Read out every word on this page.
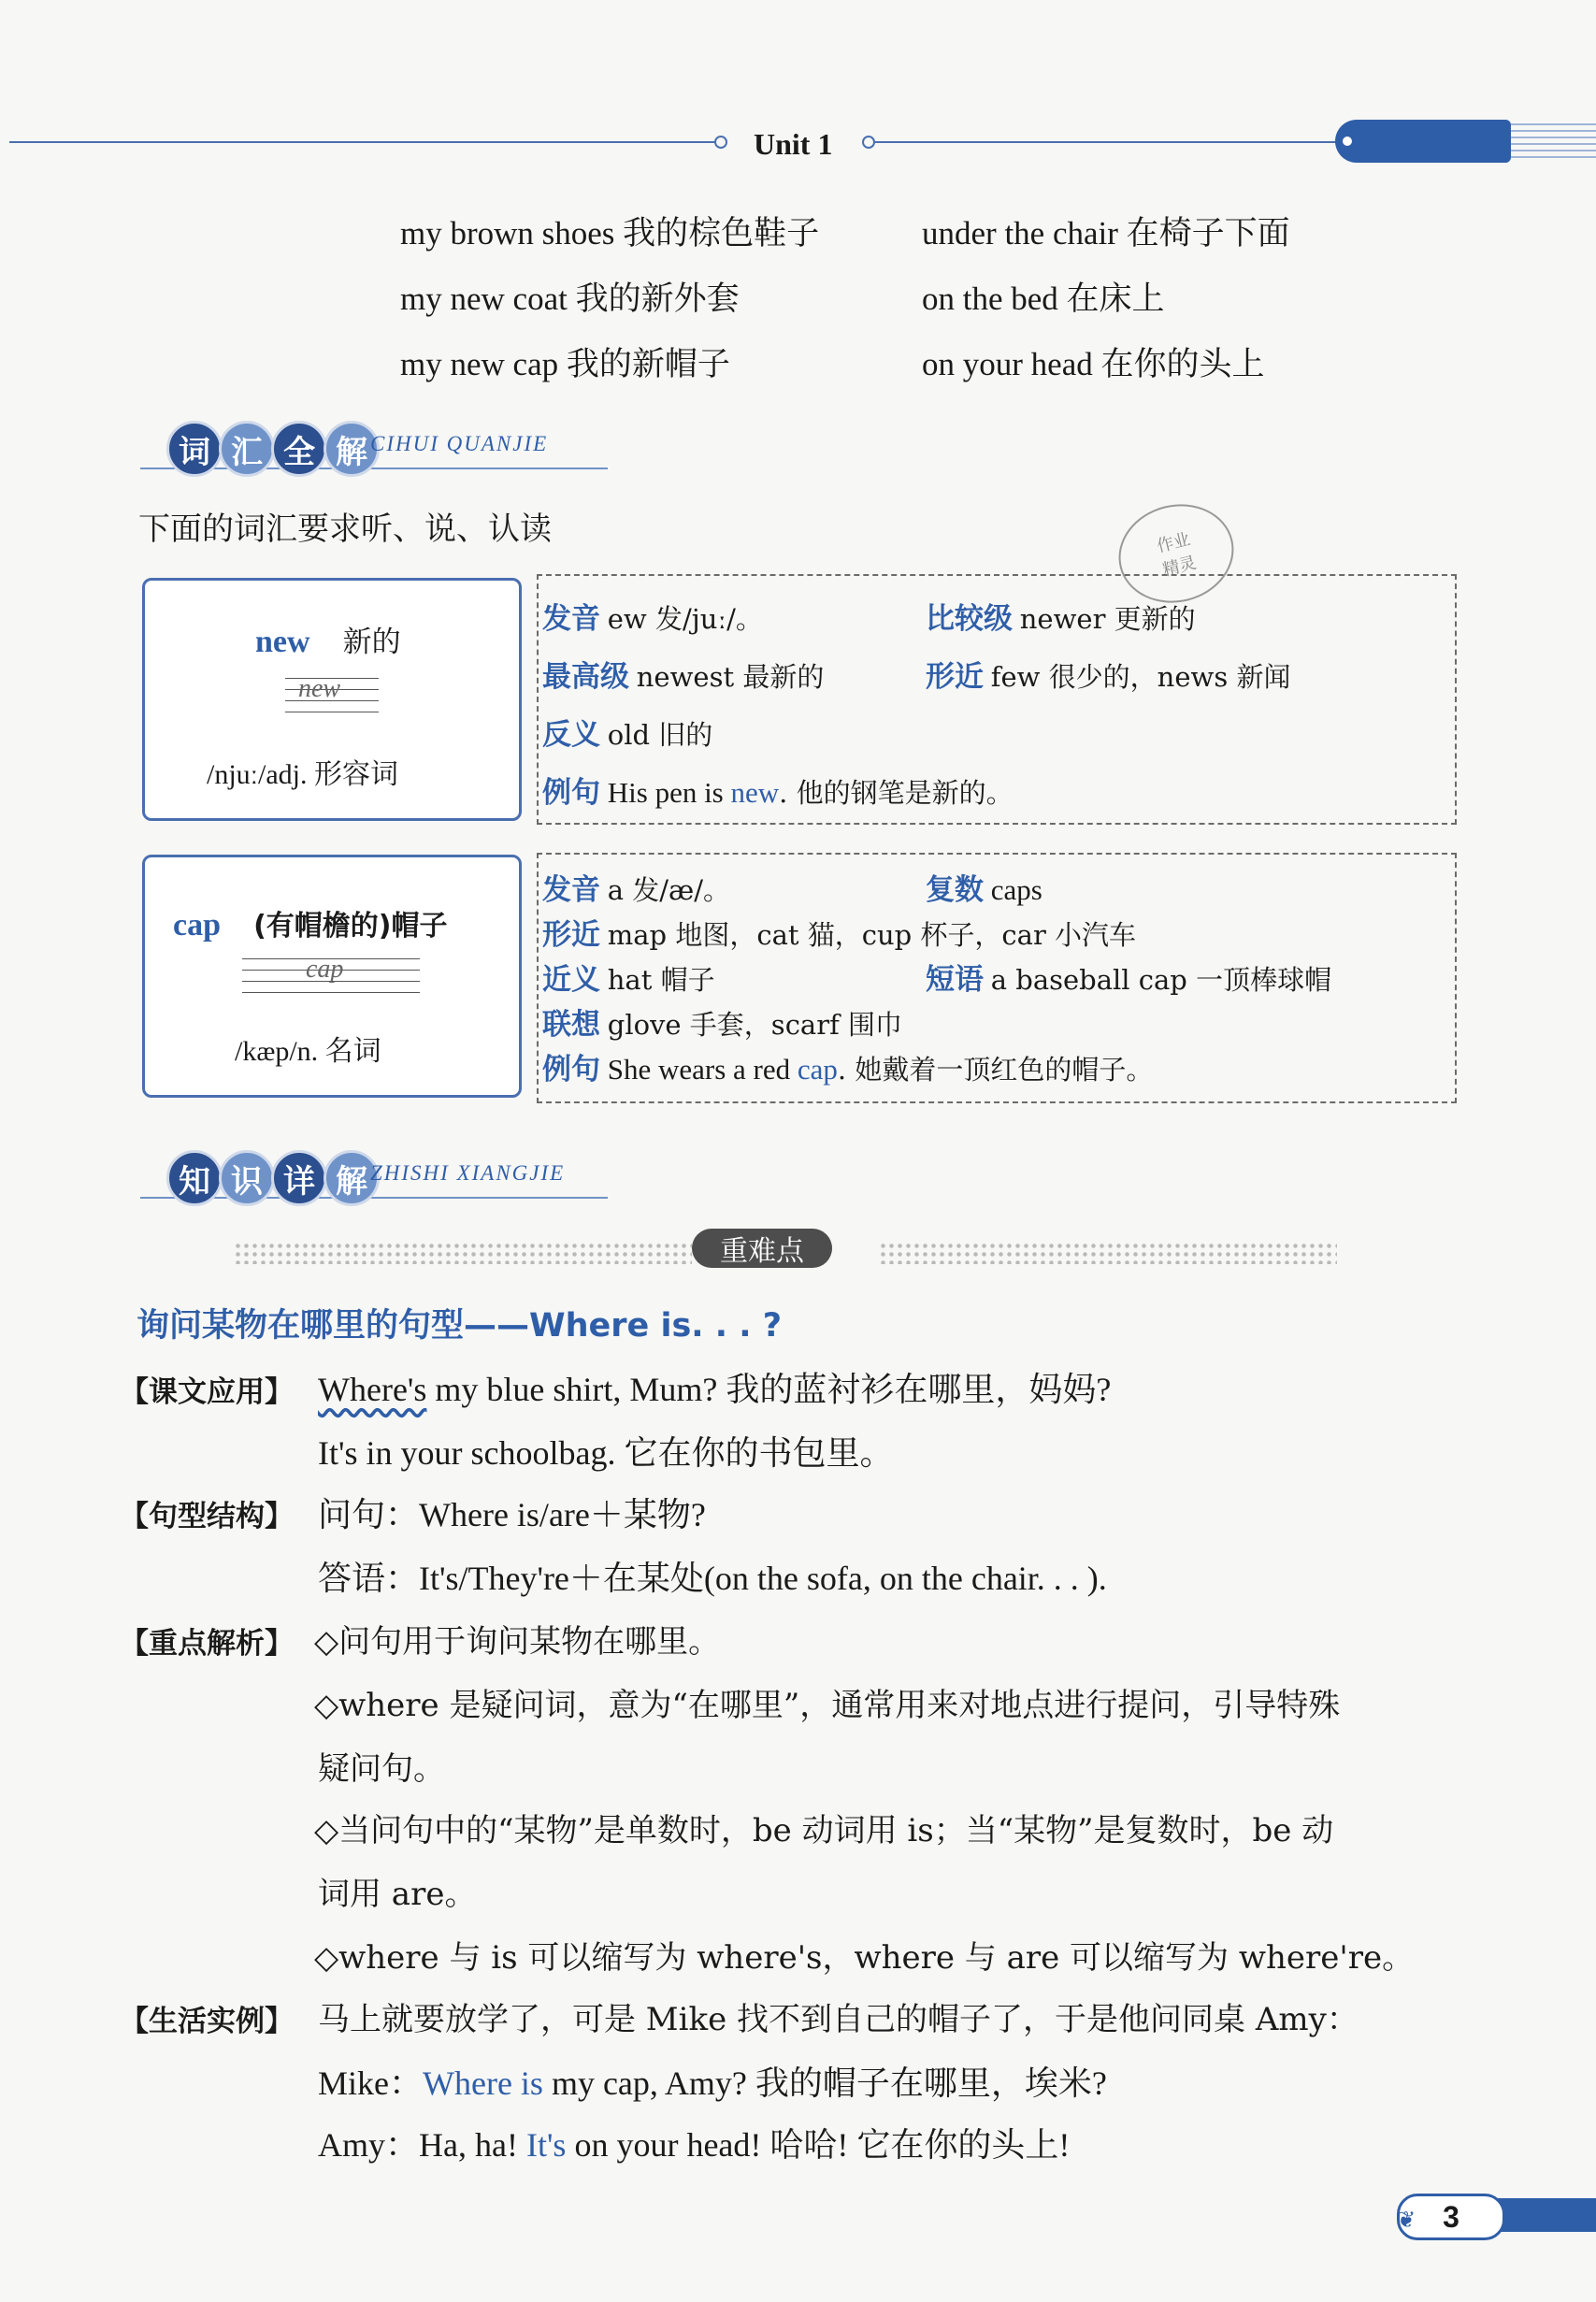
Unit 1
my brown shoes 我的棕色鞋子	under the chair 在椅子下面
my new coat 我的新外套	on the bed 在床上
my new cap 我的新帽子	on your head 在你的头上
词 汇 全 解 CIHUI QUANJIE
下面的词汇要求听、说、认读	作业
精灵
new 新的
new
/njuː/adj. 形容词
发音 ew 发/juː/。	比较级 newer 更新的
最高级 newest 最新的	形近 few 很少的，news 新闻
反义 old 旧的
例句 His pen is new. 他的钢笔是新的。
cap (有帽檐的)帽子
cap
/kæp/n. 名词
发音 a 发/æ/。	复数 caps
形近 map 地图，cat 猫，cup 杯子，car 小汽车
近义 hat 帽子	短语 a baseball cap 一顶棒球帽
联想 glove 手套，scarf 围巾
例句 She wears a red cap. 她戴着一顶红色的帽子。
知 识 详 解 ZHISHI XIANGJIE
重难点
询问某物在哪里的句型——Where is. . . ?
【课文应用】 Where's my blue shirt, Mum? 我的蓝衬衫在哪里，妈妈?
It's in your schoolbag. 它在你的书包里。
【句型结构】 问句：Where is/are＋某物?
答语：It's/They're＋在某处(on the sofa, on the chair. . . ).
【重点解析】 ◇问句用于询问某物在哪里。
◇where 是疑问词，意为“在哪里”，通常用来对地点进行提问，引导特殊
疑问句。
◇当问句中的“某物”是单数时，be 动词用 is；当“某物”是复数时，be 动
词用 are。
◇where 与 is 可以缩写为 where's，where 与 are 可以缩写为 where're。
【生活实例】 马上就要放学了，可是 Mike 找不到自己的帽子了，于是他问同桌 Amy：
Mike：Where is my cap, Amy? 我的帽子在哪里，埃米?
Amy：Ha, ha! It's on your head! 哈哈! 它在你的头上!
3
❦
